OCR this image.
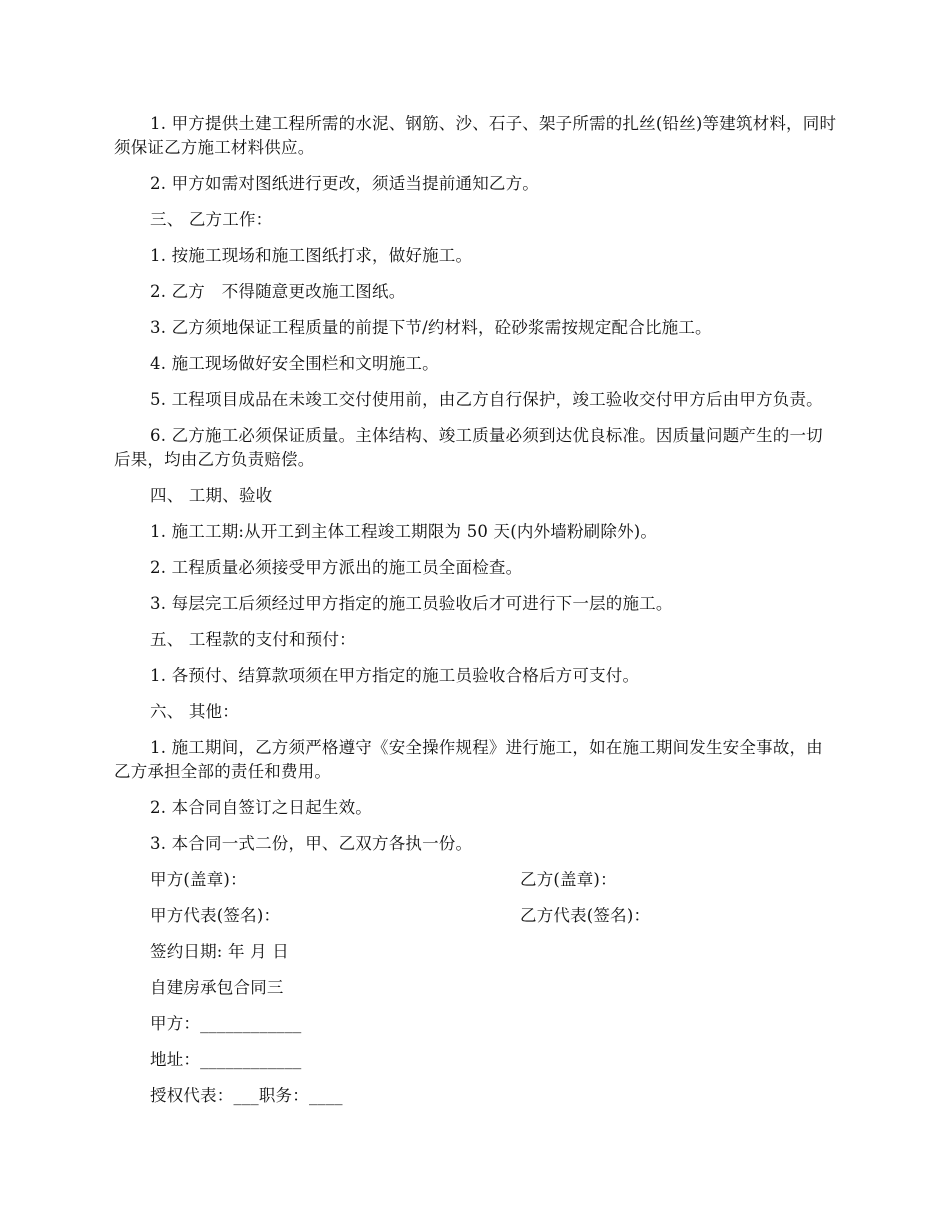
1. 甲方提供土建工程所需的水泥、钢筋、沙、石子、架子所需的扎丝(铅丝)等建筑材料，同时须保证乙方施工材料供应。

2. 甲方如需对图纸进行更改，须适当提前通知乙方。

三、 乙方工作：

1. 按施工现场和施工图纸打求，做好施工。

2. 乙方　不得随意更改施工图纸。

3. 乙方须地保证工程质量的前提下节/约材料，砼砂浆需按规定配合比施工。

4. 施工现场做好安全围栏和文明施工。

5. 工程项目成品在未竣工交付使用前，由乙方自行保护，竣工验收交付甲方后由甲方负责。

6. 乙方施工必须保证质量。主体结构、竣工质量必须到达优良标准。因质量问题产生的一切后果，均由乙方负责赔偿。

四、 工期、验收

1. 施工工期:从开工到主体工程竣工期限为 50 天(内外墙粉刷除外)。

2. 工程质量必须接受甲方派出的施工员全面检查。

3. 每层完工后须经过甲方指定的施工员验收后才可进行下一层的施工。

五、 工程款的支付和预付：

1. 各预付、结算款项须在甲方指定的施工员验收合格后方可支付。

六、 其他：

1. 施工期间，乙方须严格遵守《安全操作规程》进行施工，如在施工期间发生安全事故，由乙方承担全部的责任和费用。

2. 本合同自签订之日起生效。

3. 本合同一式二份，甲、乙双方各执一份。

甲方(盖章)：	乙方(盖章)：
甲方代表(签名)：	乙方代表(签名)：

签约日期: 年 月 日

自建房承包合同三

甲方：____________

地址：____________

授权代表：___职务：____
